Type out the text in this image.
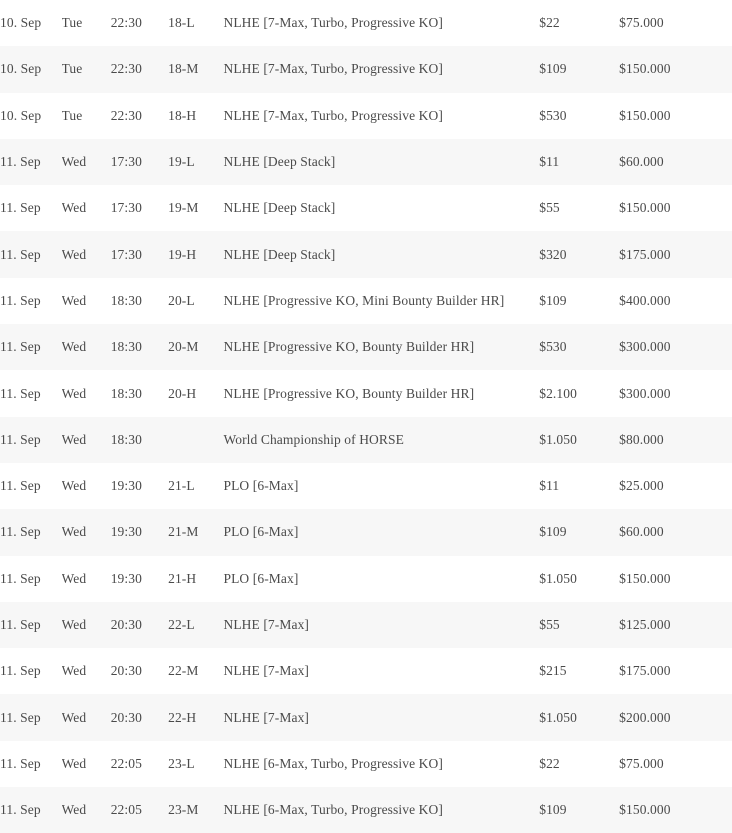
10. Sep	Tue	22:30	18-L	NLHE [7-Max, Turbo, Progressive KO]	$22	$75.000
10. Sep	Tue	22:30	18-M	NLHE [7-Max, Turbo, Progressive KO]	$109	$150.000
10. Sep	Tue	22:30	18-H	NLHE [7-Max, Turbo, Progressive KO]	$530	$150.000
11. Sep	Wed	17:30	19-L	NLHE [Deep Stack]	$11	$60.000
11. Sep	Wed	17:30	19-M	NLHE [Deep Stack]	$55	$150.000
11. Sep	Wed	17:30	19-H	NLHE [Deep Stack]	$320	$175.000
11. Sep	Wed	18:30	20-L	NLHE [Progressive KO, Mini Bounty Builder HR]	$109	$400.000
11. Sep	Wed	18:30	20-M	NLHE [Progressive KO, Bounty Builder HR]	$530	$300.000
11. Sep	Wed	18:30	20-H	NLHE [Progressive KO, Bounty Builder HR]	$2.100	$300.000
11. Sep	Wed	18:30		World Championship of HORSE	$1.050	$80.000
11. Sep	Wed	19:30	21-L	PLO [6-Max]	$11	$25.000
11. Sep	Wed	19:30	21-M	PLO [6-Max]	$109	$60.000
11. Sep	Wed	19:30	21-H	PLO [6-Max]	$1.050	$150.000
11. Sep	Wed	20:30	22-L	NLHE [7-Max]	$55	$125.000
11. Sep	Wed	20:30	22-M	NLHE [7-Max]	$215	$175.000
11. Sep	Wed	20:30	22-H	NLHE [7-Max]	$1.050	$200.000
11. Sep	Wed	22:05	23-L	NLHE [6-Max, Turbo, Progressive KO]	$22	$75.000
11. Sep	Wed	22:05	23-M	NLHE [6-Max, Turbo, Progressive KO]	$109	$150.000
